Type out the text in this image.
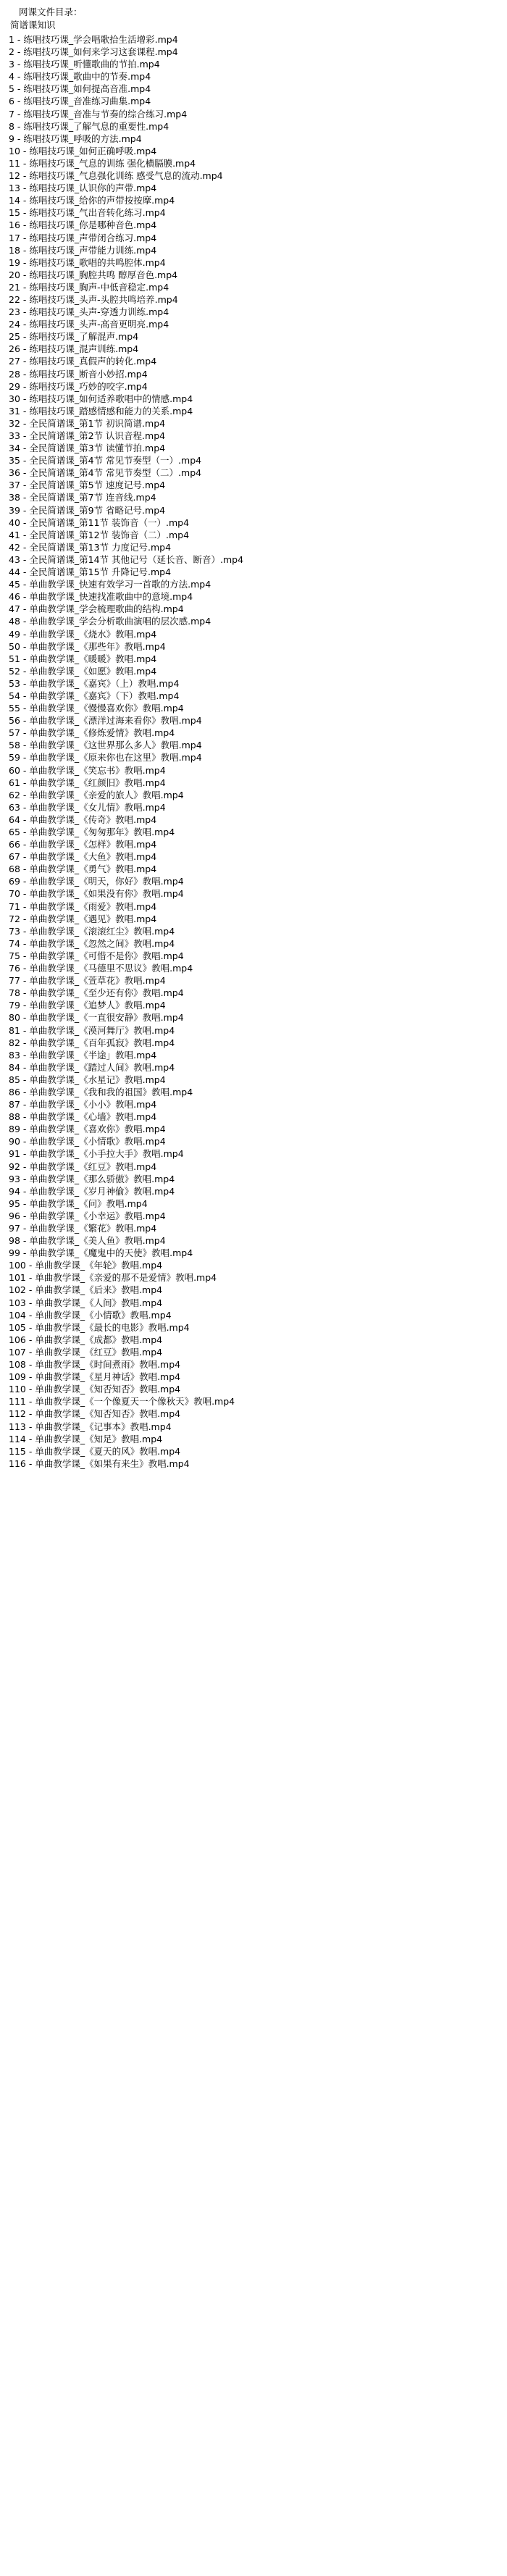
网课文件目录：
简谱课知识
1 - 练唱技巧课_学会唱歌拾生活增彩.mp4
2 - 练唱技巧课_如何来学习这套课程.mp4
3 - 练唱技巧课_听懂歌曲的节拍.mp4
4 - 练唱技巧课_歌曲中的节奏.mp4
5 - 练唱技巧课_如何提高音准.mp4
6 - 练唱技巧课_音准练习曲集.mp4
7 - 练唱技巧课_音准与节奏的综合练习.mp4
8 - 练唱技巧课_了解气息的重要性.mp4
9 - 练唱技巧课_呼吸的方法.mp4
10 - 练唱技巧课_如何正确呼吸.mp4
11 - 练唱技巧课_气息的训练 强化横膈膜.mp4
12 - 练唱技巧课_气息强化训练 感受气息的流动.mp4
13 - 练唱技巧课_认识你的声带.mp4
14 - 练唱技巧课_给你的声带按按摩.mp4
15 - 练唱技巧课_气出音转化练习.mp4
16 - 练唱技巧课_你是哪种音色.mp4
17 - 练唱技巧课_声带闭合练习.mp4
18 - 练唱技巧课_声带能力训练.mp4
19 - 练唱技巧课_歌唱的共鸣腔体.mp4
20 - 练唱技巧课_胸腔共鸣 醇厚音色.mp4
21 - 练唱技巧课_胸声-中低音稳定.mp4
22 - 练唱技巧课_头声-头腔共鸣培养.mp4
23 - 练唱技巧课_头声-穿透力训练.mp4
24 - 练唱技巧课_头声-高音更明亮.mp4
25 - 练唱技巧课_了解混声.mp4
26 - 练唱技巧课_混声训练.mp4
27 - 练唱技巧课_真假声的转化.mp4
28 - 练唱技巧课_断音小妙招.mp4
29 - 练唱技巧课_巧妙的咬字.mp4
30 - 练唱技巧课_如何适养歌唱中的情感.mp4
31 - 练唱技巧课_踏感情感和能力的关系.mp4
32 - 全民简谱课_第1节 初识简谱.mp4
33 - 全民简谱课_第2节 认识音程.mp4
34 - 全民简谱课_第3节 读懂节拍.mp4
35 - 全民简谱课_第4节 常见节奏型（一）.mp4
36 - 全民简谱课_第4节 常见节奏型（二）.mp4
37 - 全民简谱课_第5节 速度记号.mp4
38 - 全民简谱课_第7节 连音线.mp4
39 - 全民简谱课_第9节 省略记号.mp4
40 - 全民简谱课_第11节 装饰音（一）.mp4
41 - 全民简谱课_第12节 装饰音（二）.mp4
42 - 全民简谱课_第13节 力度记号.mp4
43 - 全民简谱课_第14节 其他记号（延长音、断音）.mp4
44 - 全民简谱课_第15节 升降记号.mp4
45 - 单曲教学课_快速有效学习一首歌的方法.mp4
46 - 单曲教学课_快速找准歌曲中的意境.mp4
47 - 单曲教学课_学会梳理歌曲的结构.mp4
48 - 单曲教学课_学会分析歌曲演唱的层次感.mp4
49 - 单曲教学课_《烧水》教唱.mp4
50 - 单曲教学课_《那些年》教唱.mp4
51 - 单曲教学课_《暖暖》教唱.mp4
52 - 单曲教学课_《如愿》教唱.mp4
53 - 单曲教学课_《嘉宾》（上）教唱.mp4
54 - 单曲教学课_《嘉宾》（下）教唱.mp4
55 - 单曲教学课_《慢慢喜欢你》教唱.mp4
56 - 单曲教学课_《漂洋过海来看你》教唱.mp4
57 - 单曲教学课_《修炼爱情》教唱.mp4
58 - 单曲教学课_《这世界那么多人》教唱.mp4
59 - 单曲教学课_《原来你也在这里》教唱.mp4
60 - 单曲教学课_《笑忘书》教唱.mp4
61 - 单曲教学课_《红颜旧》教唱.mp4
62 - 单曲教学课_《亲爱的旅人》教唱.mp4
63 - 单曲教学课_《女儿情》教唱.mp4
64 - 单曲教学课_《传奇》教唱.mp4
65 - 单曲教学课_《匆匆那年》教唱.mp4
66 - 单曲教学课_《怎样》教唱.mp4
67 - 单曲教学课_《大鱼》教唱.mp4
68 - 单曲教学课_《勇气》教唱.mp4
69 - 单曲教学课_《明天，你好》教唱.mp4
70 - 单曲教学课_《如果没有你》教唱.mp4
71 - 单曲教学课_《雨爱》教唱.mp4
72 - 单曲教学课_《遇见》教唱.mp4
73 - 单曲教学课_《滚滚红尘》教唱.mp4
74 - 单曲教学课_《忽然之间》教唱.mp4
75 - 单曲教学课_《可惜不是你》教唱.mp4
76 - 单曲教学课_《马德里不思议》教唱.mp4
77 - 单曲教学课_《萱草花》教唱.mp4
78 - 单曲教学课_《至少还有你》教唱.mp4
79 - 单曲教学课_《追梦人》教唱.mp4
80 - 单曲教学课_《一直很安静》教唱.mp4
81 - 单曲教学课_《漠河舞厅》教唱.mp4
82 - 单曲教学课_《百年孤寂》教唱.mp4
83 - 单曲教学课_《半途」教唱.mp4
84 - 单曲教学课_《踏过人间》教唱.mp4
85 - 单曲教学课_《水星记》教唱.mp4
86 - 单曲教学课_《我和我的祖国》教唱.mp4
87 - 单曲教学课_《小小》教唱.mp4
88 - 单曲教学课_《心墙》教唱.mp4
89 - 单曲教学课_《喜欢你》教唱.mp4
90 - 单曲教学课_《小情歌》教唱.mp4
91 - 单曲教学课_《小手拉大手》教唱.mp4
92 - 单曲教学课_《红豆》教唱.mp4
93 - 单曲教学课_《那么骄傲》教唱.mp4
94 - 单曲教学课_《岁月神偷》教唱.mp4
95 - 单曲教学课_《问》教唱.mp4
96 - 单曲教学课_《小幸运》教唱.mp4
97 - 单曲教学课_《繁花》教唱.mp4
98 - 单曲教学课_《美人鱼》教唱.mp4
99 - 单曲教学课_《魔鬼中的天使》教唱.mp4
100 - 单曲教学课_《年轮》教唱.mp4
101 - 单曲教学课_《亲爱的那不是爱情》教唱.mp4
102 - 单曲教学课_《后来》教唱.mp4
103 - 单曲教学课_《人间》教唱.mp4
104 - 单曲教学课_《小情歌》教唱.mp4
105 - 单曲教学课_《最长的电影》教唱.mp4
106 - 单曲教学课_《成都》教唱.mp4
107 - 单曲教学课_《红豆》教唱.mp4
108 - 单曲教学课_《时间煮雨》教唱.mp4
109 - 单曲教学课_《星月神话》教唱.mp4
110 - 单曲教学课_《知否知否》教唱.mp4
111 - 单曲教学课_《一个像夏天一个像秋天》教唱.mp4
112 - 单曲教学课_《知否知否》教唱.mp4
113 - 单曲教学课_《记事本》教唱.mp4
114 - 单曲教学课_《知足》教唱.mp4
115 - 单曲教学课_《夏天的风》教唱.mp4
116 - 单曲教学课_《如果有来生》教唱.mp4
